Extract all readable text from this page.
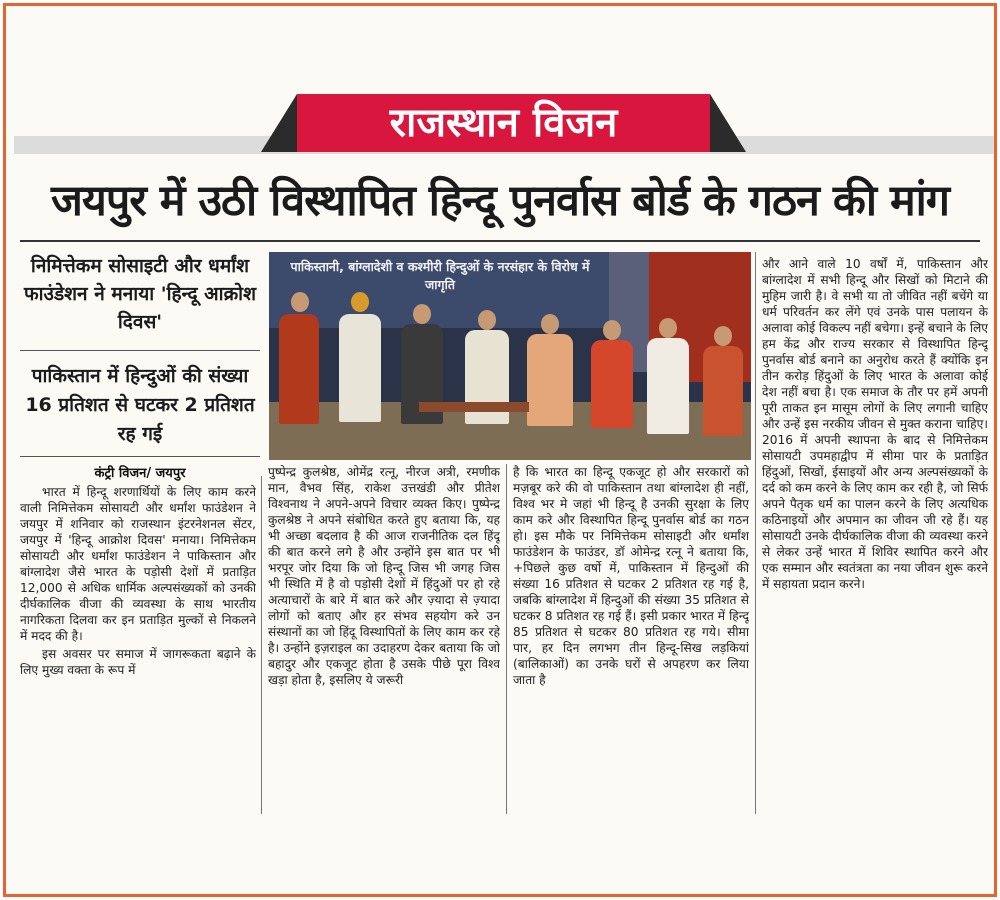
राजस्थान विजन
जयपुर में उठी विस्थापित हिन्दू पुनर्वास बोर्ड के गठन की मांग
निमित्तेकम सोसाइटी और धर्मांश फाउंडेशन ने मनाया 'हिन्दू आक्रोश दिवस'
पाकिस्तान में हिन्दुओं की संख्या 16 प्रतिशत से घटकर 2 प्रतिशत रह गई
कंट्री विजन/ जयपुर
पाकिस्तानी, बांग्लादेशी व कश्मीरी हिन्दुओं के नरसंहार के विरोध में जागृति

भारत में हिन्दू शरणार्थियों के लिए काम करने वाली निमित्तेकम सोसायटी और धर्मांश फाउंडेशन ने जयपुर में शनिवार को राजस्थान इंटरनेशनल सेंटर, जयपुर में 'हिन्दू आक्रोश दिवस' मनाया। निमित्तेकम सोसायटी और धर्मांश फाउंडेशन ने पाकिस्तान और बांग्लादेश जैसे भारत के पड़ोसी देशों में प्रताड़ित 12,000 से अधिक धार्मिक अल्पसंख्यकों को उनकी दीर्घकालिक वीजा की व्यवस्था के साथ भारतीय नागरिकता दिलवा कर इन प्रताड़ित मुल्कों से निकलने में मदद की है।

इस अवसर पर समाज में जागरूकता बढ़ाने के लिए मुख्य वक्ता के रूप में

पुष्पेन्द्र कुलश्रेष्ठ, ओमेंद्र रत्नू, नीरज अत्री, रमणीक मान, वैभव सिंह, राकेश उत्तखंडी और प्रीतेश विश्वनाथ ने अपने-अपने विचार व्यक्त किए। पुष्पेन्द्र कुलश्रेष्ठ ने अपने संबोधित करते हुए बताया कि, यह भी अच्छा बदलाव है की आज राजनीतिक दल हिंदू की बात करने लगे है और उन्होंने इस बात पर भी भरपूर जोर दिया कि जो हिन्दू जिस भी जगह जिस भी स्थिति में है वो पड़ोसी देशों में हिंदुओं पर हो रहे अत्याचारों के बारे में बात करे और ज़्यादा से ज़्यादा लोगों को बताए और हर संभव सहयोग करे उन संस्थानों का जो हिंदू विस्थापितों के लिए काम कर रहे है। उन्होंने इज़राइल का उदाहरण देकर बताया कि जो बहादुर और एकजूट होता है उसके पीछे पूरा विश्व खड़ा होता है, इसलिए ये जरूरी

है कि भारत का हिन्दू एकजूट हो और सरकारों को मज़बूर करे की वो पाकिस्तान तथा बांग्लादेश ही नहीं, विश्व भर मे जहां भी हिन्दू है उनकी सुरक्षा के लिए काम करे और विस्थापित हिन्दू पुनर्वास बोर्ड का गठन हो। इस मौके पर निमित्तेकम सोसाइटी और धर्मांश फाउंडेशन के फाउंडर, डॉ ओमेन्द्र रत्नू ने बताया कि, +पिछले कुछ वर्षो में, पाकिस्तान में हिन्दुओं की संख्या 16 प्रतिशत से घटकर 2 प्रतिशत रह गई है, जबकि बांग्लादेश में हिन्दुओं की संख्या 35 प्रतिशत से घटकर 8 प्रतिशत रह गई हैं। इसी प्रकार भारत में हिन्दू 85 प्रतिशत से घटकर 80 प्रतिशत रह गये। सीमा पार, हर दिन लगभग तीन हिन्दू-सिख लड़कियां (बालिकाओं) का उनके घरों से अपहरण कर लिया जाता है

और आने वाले 10 वर्षों में, पाकिस्तान और बांग्लादेश में सभी हिन्दू और सिखों को मिटाने की मुहिम जारी है। वे सभी या तो जीवित नहीं बचेंगे या धर्म परिवर्तन कर लेंगे एवं उनके पास पलायन के अलावा कोई विकल्प नहीं बचेगा। इन्हें बचाने के लिए हम केंद्र और राज्य सरकार से विस्थापित हिन्दू पुनर्वास बोर्ड बनाने का अनुरोध करते हैं क्योंकि इन तीन करोड़ हिंदुओं के लिए भारत के अलावा कोई देश नहीं बचा है। एक समाज के तौर पर हमें अपनी पूरी ताकत इन मासूम लोगों के लिए लगानी चाहिए और उन्हें इस नरकीय जीवन से मुक्त कराना चाहिए। 2016 में अपनी स्थापना के बाद से निमित्तेकम सोसायटी उपमहाद्वीप में सीमा पार के प्रताड़ित हिंदुओं, सिखों, ईसाइयों और अन्य अल्पसंख्यकों के दर्द को कम करने के लिए काम कर रही है, जो सिर्फ अपने पैतृक धर्म का पालन करने के लिए अत्यधिक कठिनाइयों और अपमान का जीवन जी रहे हैं। यह सोसायटी उनके दीर्घकालिक वीजा की व्यवस्था करने से लेकर उन्हें भारत में शिविर स्थापित करने और एक सम्मान और स्वतंत्रता का नया जीवन शुरू करने में सहायता प्रदान करने।
